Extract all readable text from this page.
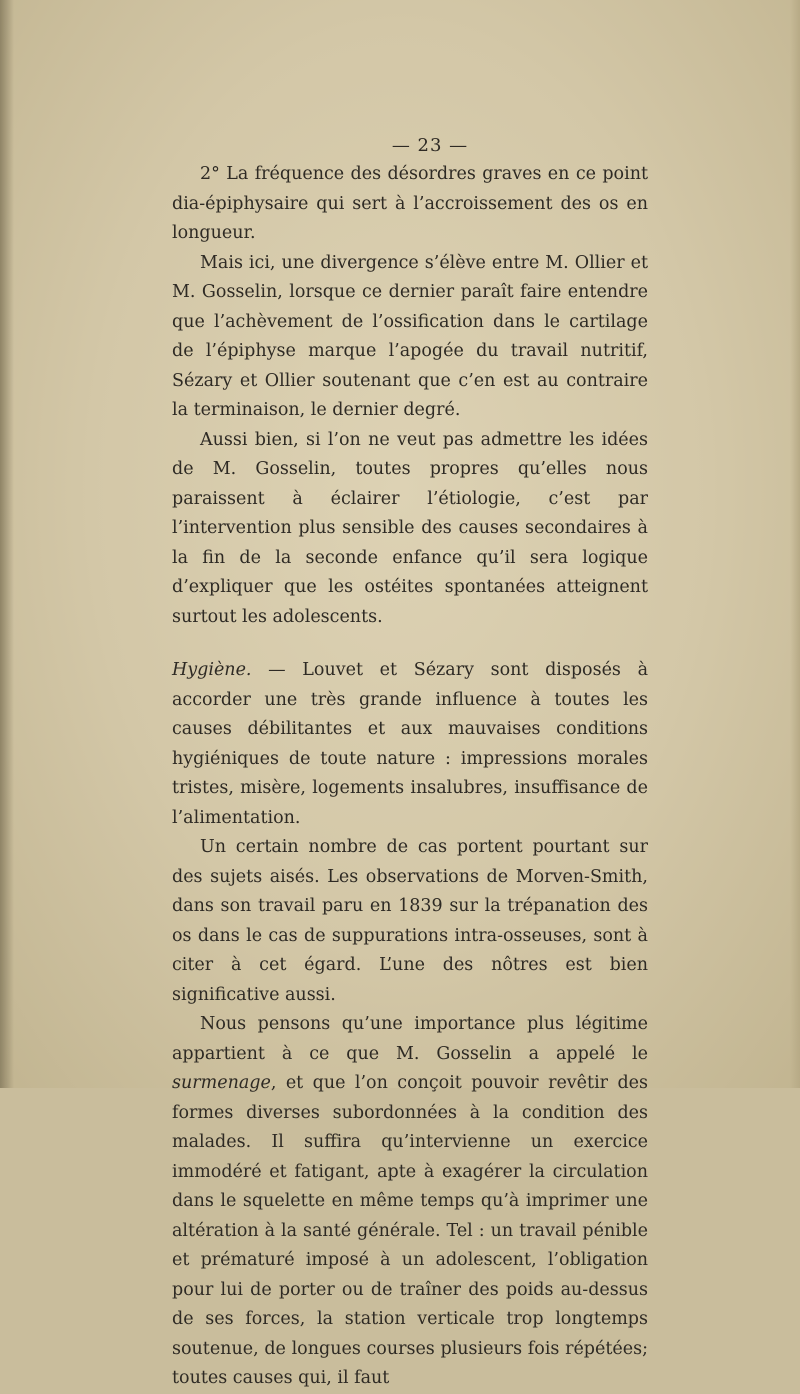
— 23 —

2° La fréquence des désordres graves en ce point dia-épiphysaire qui sert à l’accroissement des os en longueur.

Mais ici, une divergence s’élève entre M. Ollier et M. Gosselin, lorsque ce dernier paraît faire entendre que l’achèvement de l’ossification dans le cartilage de l’épiphyse marque l’apogée du travail nutritif, Sézary et Ollier soutenant que c’en est au contraire la terminaison, le dernier degré.

Aussi bien, si l’on ne veut pas admettre les idées de M. Gosselin, toutes propres qu’elles nous paraissent à éclairer l’étiologie, c’est par l’intervention plus sensible des causes secondaires à la fin de la seconde enfance qu’il sera logique d’expliquer que les ostéites spontanées atteignent surtout les adolescents.

Hygiène. — Louvet et Sézary sont disposés à accorder une très grande influence à toutes les causes débilitantes et aux mauvaises conditions hygiéniques de toute nature : impressions morales tristes, misère, logements insalubres, insuffisance de l’alimentation.

Un certain nombre de cas portent pourtant sur des sujets aisés. Les observations de Morven-Smith, dans son travail paru en 1839 sur la trépanation des os dans le cas de suppurations intra-osseuses, sont à citer à cet égard. L’une des nôtres est bien significative aussi.

Nous pensons qu’une importance plus légitime appartient à ce que M. Gosselin a appelé le surmenage, et que l’on conçoit pouvoir revêtir des formes diverses subordonnées à la condition des malades. Il suffira qu’intervienne un exercice immodéré et fatigant, apte à exagérer la circulation dans le squelette en même temps qu’à imprimer une altération à la santé générale. Tel : un travail pénible et prématuré imposé à un adolescent, l’obligation pour lui de porter ou de traîner des poids au-dessus de ses forces, la station verticale trop longtemps soutenue, de longues courses plusieurs fois répétées; toutes causes qui, il faut
